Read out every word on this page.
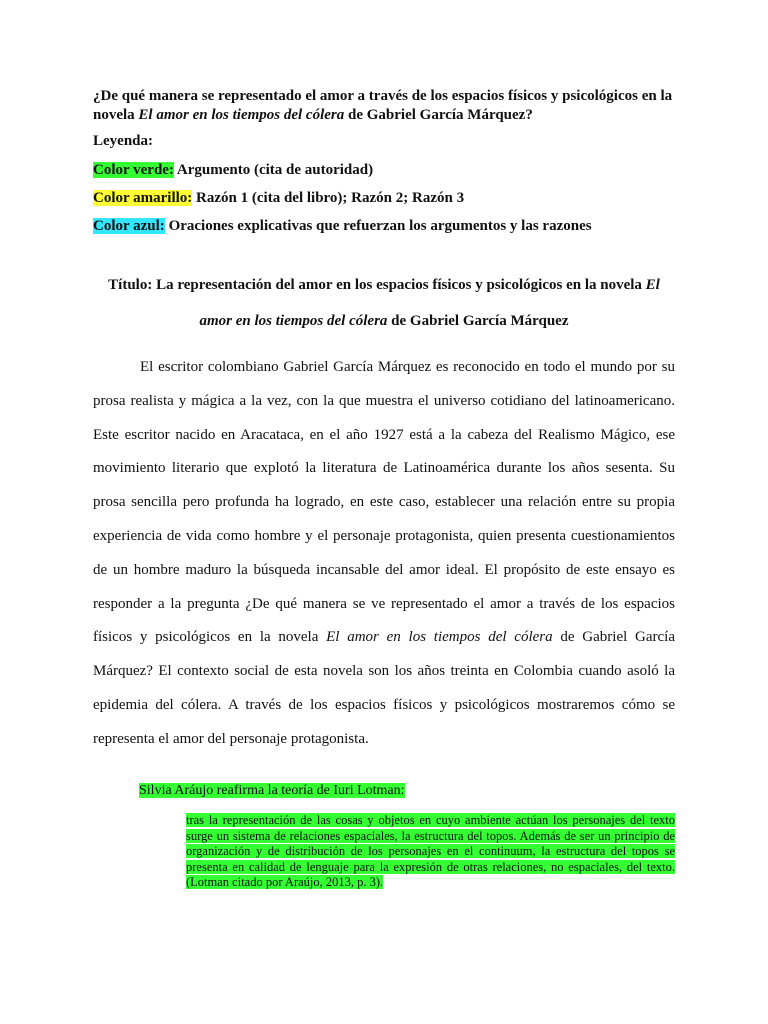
¿De qué manera se representado el amor a través de los espacios físicos y psicológicos en la novela El amor en los tiempos del cólera de Gabriel García Márquez?
Leyenda:
Color verde: Argumento (cita de autoridad)
Color amarillo: Razón 1 (cita del libro); Razón 2; Razón 3
Color azul: Oraciones explicativas que refuerzan los argumentos y las razones
Título: La representación del amor en los espacios físicos y psicológicos en la novela El
amor en los tiempos del cólera de Gabriel García Márquez

El escritor colombiano Gabriel García Márquez es reconocido en todo el mundo por su prosa realista y mágica a la vez, con la que muestra el universo cotidiano del latinoamericano. Este escritor nacido en Aracataca, en el año 1927 está a la cabeza del Realismo Mágico, ese movimiento literario que explotó la literatura de Latinoamérica durante los años sesenta. Su prosa sencilla pero profunda ha logrado, en este caso, establecer una relación entre su propia experiencia de vida como hombre y el personaje protagonista, quien presenta cuestionamientos de un hombre maduro la búsqueda incansable del amor ideal. El propósito de este ensayo es responder a la pregunta ¿De qué manera se ve representado el amor a través de los espacios físicos y psicológicos en la novela El amor en los tiempos del cólera de Gabriel García Márquez? El contexto social de esta novela son los años treinta en Colombia cuando asoló la epidemia del cólera. A través de los espacios físicos y psicológicos mostraremos cómo se representa el amor del personaje protagonista.

Silvia Aráujo reafirma la teoría de Iuri Lotman:
tras la representación de las cosas y objetos en cuyo ambiente actúan los personajes del texto surge un sistema de relaciones espaciales, la estructura del topos. Además de ser un principio de organización y de distribución de los personajes en el continuum, la estructura del topos se presenta en calidad de lenguaje para la expresión de otras relaciones, no espaciales, del texto. (Lotman citado por Araújo, 2013, p. 3).
